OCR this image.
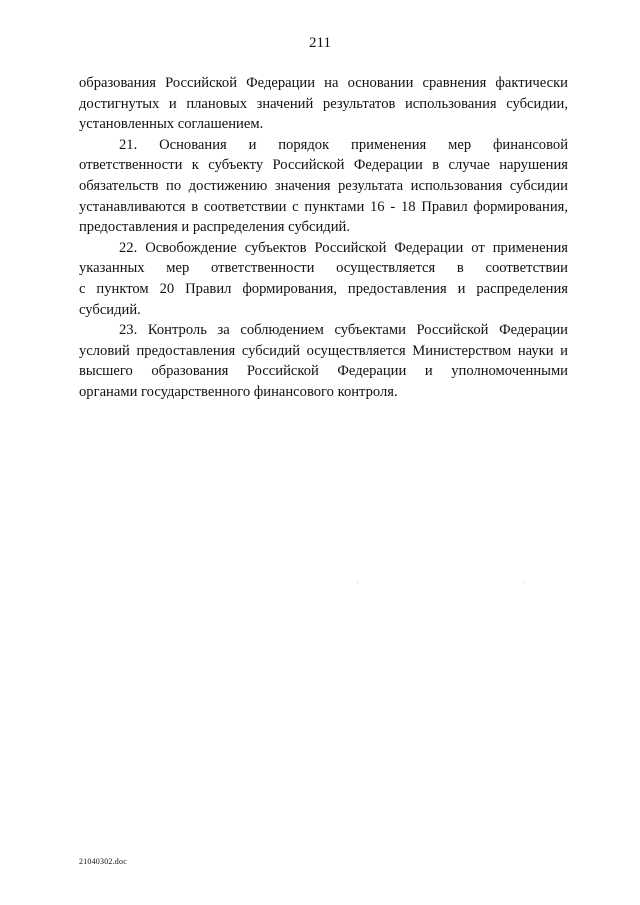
211
образования Российской Федерации на основании сравнения фактически
достигнутых и плановых значений результатов использования субсидии,
установленных соглашением.
21. Основания и порядок применения мер финансовой
ответственности к субъекту Российской Федерации в случае нарушения
обязательств по достижению значения результата использования субсидии
устанавливаются в соответствии с пунктами 16 - 18 Правил формирования,
предоставления и распределения субсидий.
22. Освобождение субъектов Российской Федерации от применения
указанных мер ответственности осуществляется в соответствии
с пунктом 20 Правил формирования, предоставления и распределения
субсидий.
23. Контроль за соблюдением субъектами Российской Федерации
условий предоставления субсидий осуществляется Министерством науки и
высшего образования Российской Федерации и уполномоченными
органами государственного финансового контроля.
21040302.doc
